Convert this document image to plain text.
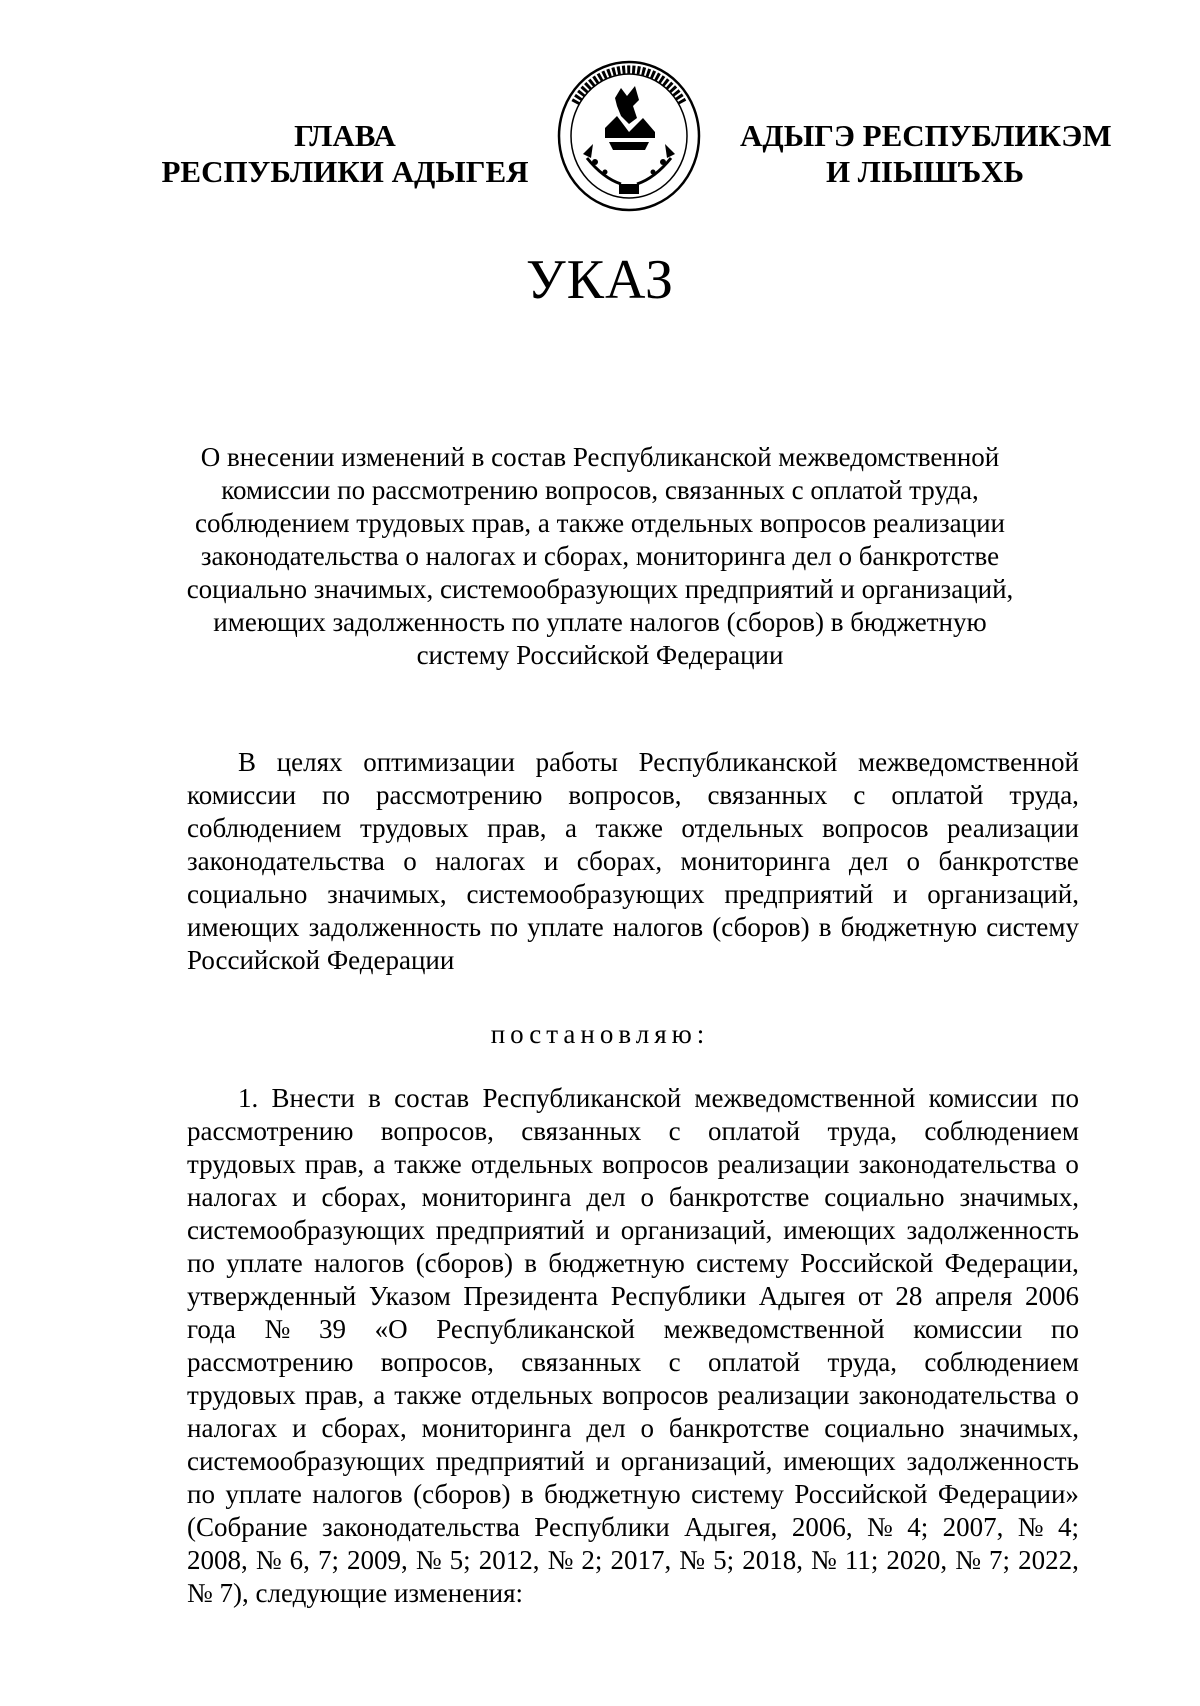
ГЛАВА
РЕСПУБЛИКИ АДЫГЕЯ
АДЫГЭ РЕСПУБЛИКЭМ
И ЛІЫШЪХЬ
УКАЗ
О внесении изменений в состав Республиканской межведомственной
комиссии по рассмотрению вопросов, связанных с оплатой труда,
соблюдением трудовых прав, а также отдельных вопросов реализации
законодательства о налогах и сборах, мониторинга дел о банкротстве
социально значимых, системообразующих предприятий и организаций,
имеющих задолженность по уплате налогов (сборов) в бюджетную
систему Российской Федерации
В целях оптимизации работы Республиканской межведомственной
комиссии по рассмотрению вопросов, связанных с оплатой труда,
соблюдением трудовых прав, а также отдельных вопросов реализации
законодательства о налогах и сборах, мониторинга дел о банкротстве
социально значимых, системообразующих предприятий и организаций,
имеющих задолженность по уплате налогов (сборов) в бюджетную систему
Российской Федерации
постановляю:
1. Внести в состав Республиканской межведомственной комиссии по
рассмотрению вопросов, связанных с оплатой труда, соблюдением
трудовых прав, а также отдельных вопросов реализации законодательства о
налогах и сборах, мониторинга дел о банкротстве социально значимых,
системообразующих предприятий и организаций, имеющих задолженность
по уплате налогов (сборов) в бюджетную систему Российской Федерации,
утвержденный Указом Президента Республики Адыгея от 28 апреля 2006
года № 39 «О Республиканской межведомственной комиссии по
рассмотрению вопросов, связанных с оплатой труда, соблюдением
трудовых прав, а также отдельных вопросов реализации законодательства о
налогах и сборах, мониторинга дел о банкротстве социально значимых,
системообразующих предприятий и организаций, имеющих задолженность
по уплате налогов (сборов) в бюджетную систему Российской Федерации»
(Собрание законодательства Республики Адыгея, 2006, № 4; 2007, № 4;
2008, № 6, 7; 2009, № 5; 2012, № 2; 2017, № 5; 2018, № 11; 2020, № 7; 2022,
№ 7), следующие изменения:
